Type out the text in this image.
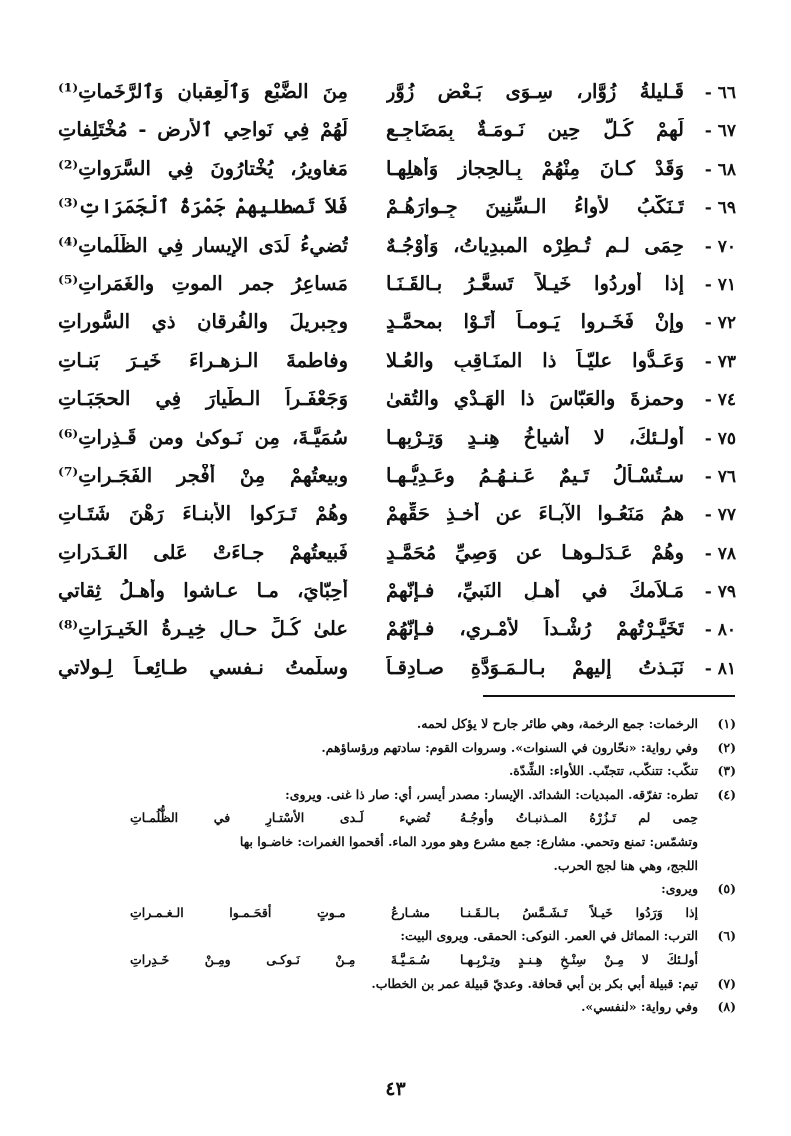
٦٦ -
قَـليلةُ زُوَّارٍ، سِـوَى بَـعْضِ زُوَّرٍ
مِنَ الضَّبْعِ وَٱلْعِقبانِ وَٱلرَّخَماتِ⁽¹⁾
٦٧ -
لَهمْ كُـلَّ حِينٍ نَـومَـةٌ بِمَضَاجِـعِ
لَهُمْ فِي نَواحِي ٱلأرض - مُخْتَلِفاتِ
٦٨ -
وَقَدْ كـانَ مِنْهُمْ بِـالحِجازِ وَأَهلِهـا
مَغاوِيرُ، يُخْتارُونَ فِي السَّرَواتِ⁽²⁾
٦٩ -
تَـنَكَّبُ لأواءُ الـسِّنِينَ جِـوارَهُـمْ
فَلاَ تَصطليهمْ جَمْرَةُ ٱلْجَمَرَاتِ⁽³⁾
٧٠ -
حِمَى لـم تُـطِرْه المبدِياتُ، وَأَوْجُـهٌ
تُضيءُ لَدَى الإيسارِ فِي الظُّلُماتِ⁽⁴⁾
٧١ -
إذا أوردُوا خَيـلاً تَسعَّـرُ بـالقَـنَـا
مَساعِرُ جمرِ الموتِ والغَمَراتِ⁽⁵⁾
٧٢ -
وإنْ فَخَـروا يَـومـاً أَتَـوْا بمحمَّـدٍ
وجِبريلَ والفُرقانِ ذي السُّوراتِ
٧٣ -
وَعَـدُّوا عليّـاً ذا المنَـاقِبِ والعُـلا
وفاطمةَ الـزهـراءَ خَيـرَ بَنـاتِ
٧٤ -
وحمزةَ والعَبّاسَ ذا الهَـدْيِ والتُقىٰ
وَجَعْفَـراً الـطَّيارَ فِي الحجَبَـاتِ
٧٥ -
أولـئكَ، لا أشياخُ هِنـدٍ وَتِـرْبِهـا
سُمَيَّـةَ، مِن نَـوكىٰ ومن قَـذِراتِ⁽⁶⁾
٧٦ -
سـتُسْـأَلُ تَـيمٌ عَـنـهُـمُ وعَـدِيُّـهـا
وبيعتُهمْ مِنْ أَفْجرِ الفَجَـراتِ⁽⁷⁾
٧٧ -
همُ مَنَعُـوا الآبـاءَ عن أخـذِ حَقِّهِمْ
وهُمْ تَـرَكوا الأبنـاءَ رَهْنَ شَتَـاتِ
٧٨ -
وهُمْ عَـدَلـوهـا عن وَصِيِّ مُحَمَّـدٍ
فَبيعتُهمْ جـاءَتْ عَلى الغَـدَراتِ
٧٩ -
مَـلاَمكَ في أهـلِ النَبيِّ، فـإنّهمْ
أحِبّايَ، مـا عـاشوا وأهـلُ ثِقاتي
٨٠ -
تَخَيَّـرْتُهمْ رُشْـداً لأَمْـري، فـإنّهُمْ
علىٰ كُـلِّ حـالٍ خِيـرةُ الخَيـرَاتِ⁽⁸⁾
٨١ -
نَبَـذتُ إليهمْ بـالـمَـوَدَّةِ صـادِقـاً
وسلَّمتُ نـفسي طـائِعـاً لِـولاتي
(١)
الرخمات: جمع الرخمة، وهي طائر جارح لا يؤكل لحمه.
(٢)
وفي رواية: «نحّارون في السنوات». وسروات القوم: سادتهم ورؤساؤهم.
(٣)
تنكّب: تتنكّب، تتجنّب. اللأواء: الشِّدّة.
(٤)
تطره: تفرّقه. المبديات: الشدائد. الإيسار: مصدر أيسر، أي: صار ذا غنى. ويروى:
حِمى لم تَـزُرْهُ المـذنبـاتُ وأوجُـهُ
تُضيء لَـدى الأسْتـارِ في الظُّلُمـاتِ
وتشمّس: تمنع وتحمي. مشارع: جمع مشرع وهو مورد الماء. أقحموا الغمرات: خاضـوا بها
اللجج، وهي هنا لجج الحرب.
(٥)
ويروى:
إذا وَرَدُوا خَيـلاً تَـشَـمَّسُ بـالـقَـنـا
مشـارعُ مـوتٍ أقحَـمـوا الـغـمـراتِ
(٦)
الترب: المماثل في العمر. النوكى: الحمقى. ويروى البيت:
أولـئكَ لا مِـنْ سِنْـخِ هِـنـدٍ وتِـرْبِـهـا
سُـمَـيَّـةَ مِـنْ نَـوكـى ومِـنْ خَـدِراتِ
(٧)
تيم: قبيلة أبي بكر بن أبي قحافة. وعديّ قبيلة عمر بن الخطاب.
(٨)
وفي رواية: «لنفسي».
٤٣
